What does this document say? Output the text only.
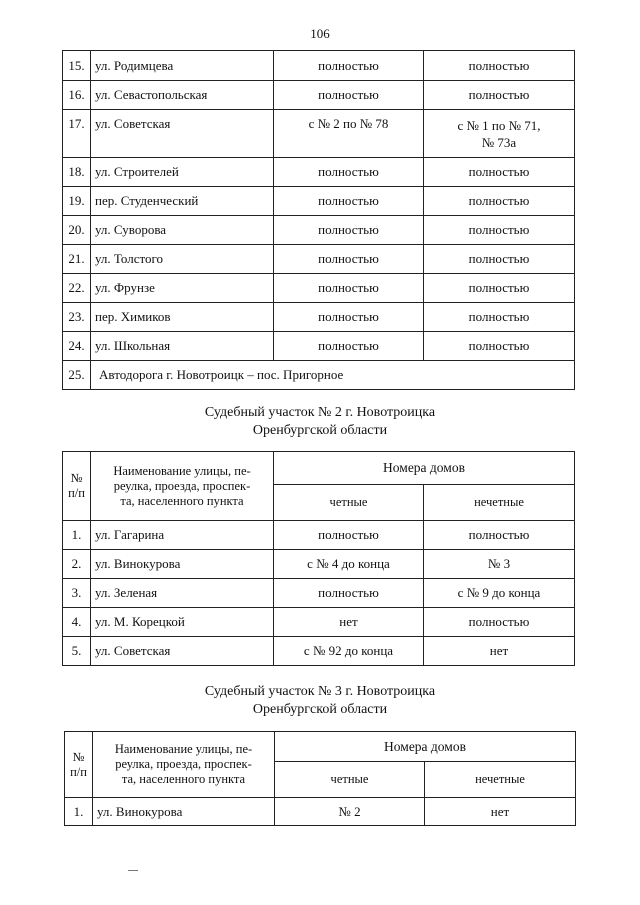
106
15.	ул. Родимцева	полностью	полностью
16.	ул. Севастопольская	полностью	полностью
17.	ул. Советская	с № 2 по № 78	с № 1 по № 71,
№ 73а

18.	ул. Строителей	полностью	полностью
19.	пер. Студенческий	полностью	полностью
20.	ул. Суворова	полностью	полностью
21.	ул. Толстого	полностью	полностью
22.	ул. Фрунзе	полностью	полностью
23.	пер. Химиков	полностью	полностью
24.	ул. Школьная	полностью	полностью
25.	Автодорога г. Новотроицк – пос. Пригорное		
Судебный участок № 2 г. Новотроицка
Оренбургской области
№
п/п	Наименование улицы, пе-
реулка, проезда, проспек-
та, населенного пункта	Номера домов	
		четные	нечетные
1.	ул. Гагарина	полностью	полностью
2.	ул. Винокурова	с № 4 до конца	№ 3
3.	ул. Зеленая	полностью	с № 9 до конца
4.	ул. М. Корецкой	нет	полностью
5.	ул. Советская	с № 92 до конца	нет
Судебный участок № 3 г. Новотроицка
Оренбургской области
№
п/п	Наименование улицы, пе-
реулка, проезда, проспек-
та, населенного пункта	Номера домов	
		четные	нечетные
1.	ул. Винокурова	№ 2	нет
